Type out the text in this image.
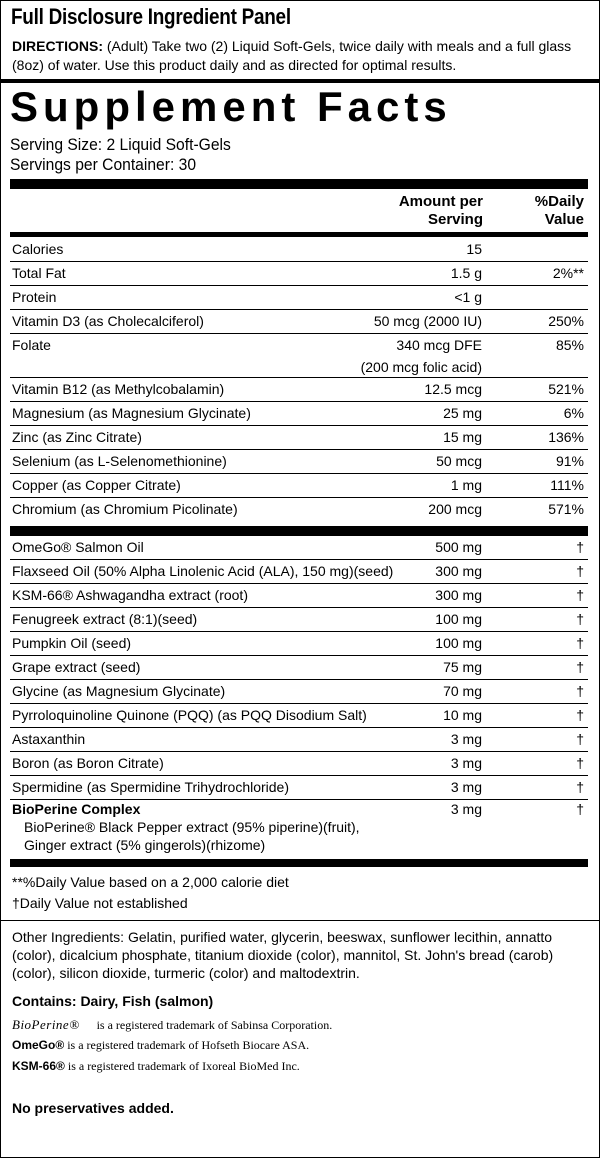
Full Disclosure Ingredient Panel
DIRECTIONS: (Adult) Take two (2) Liquid Soft-Gels, twice daily with meals and a full glass (8oz) of water. Use this product daily and as directed for optimal results.
Supplement Facts
Serving Size: 2 Liquid Soft-Gels
Servings per Container: 30
Amount per
Serving
%Daily
Value
Calories	15
Total Fat	1.5 g	2%**
Protein	<1 g
Vitamin D3 (as Cholecalciferol)	50 mcg (2000 IU)	250%
Folate	340 mcg DFE	85%
(200 mcg folic acid)
Vitamin B12 (as Methylcobalamin)	12.5 mcg	521%
Magnesium (as Magnesium Glycinate)	25 mg	6%
Zinc (as Zinc Citrate)	15 mg	136%
Selenium (as L-Selenomethionine)	50 mcg	91%
Copper (as Copper Citrate)	1 mg	111%
Chromium (as Chromium Picolinate)	200 mcg	571%
OmeGo® Salmon Oil	500 mg	†
Flaxseed Oil (50% Alpha Linolenic Acid (ALA), 150 mg)(seed)	300 mg	†
KSM-66® Ashwagandha extract (root)	300 mg	†
Fenugreek extract (8:1)(seed)	100 mg	†
Pumpkin Oil (seed)	100 mg	†
Grape extract (seed)	75 mg	†
Glycine (as Magnesium Glycinate)	70 mg	†
Pyrroloquinoline Quinone (PQQ) (as PQQ Disodium Salt)	10 mg	†
Astaxanthin	3 mg	†
Boron (as Boron Citrate)	3 mg	†
Spermidine (as Spermidine Trihydrochloride)	3 mg	†
BioPerine Complex	3 mg	†
BioPerine® Black Pepper extract (95% piperine)(fruit),
Ginger extract (5% gingerols)(rhizome)
**%Daily Value based on a 2,000 calorie diet
†Daily Value not established
Other Ingredients: Gelatin, purified water, glycerin, beeswax, sunflower lecithin, annatto (color), dicalcium phosphate, titanium dioxide (color), mannitol, St. John's bread (carob) (color), silicon dioxide, turmeric (color) and maltodextrin.
Contains: Dairy, Fish (salmon)
BioPerine® is a registered trademark of Sabinsa Corporation.
OmeGo® is a registered trademark of Hofseth Biocare ASA.
KSM-66® is a registered trademark of Ixoreal BioMed Inc.
No preservatives added.
